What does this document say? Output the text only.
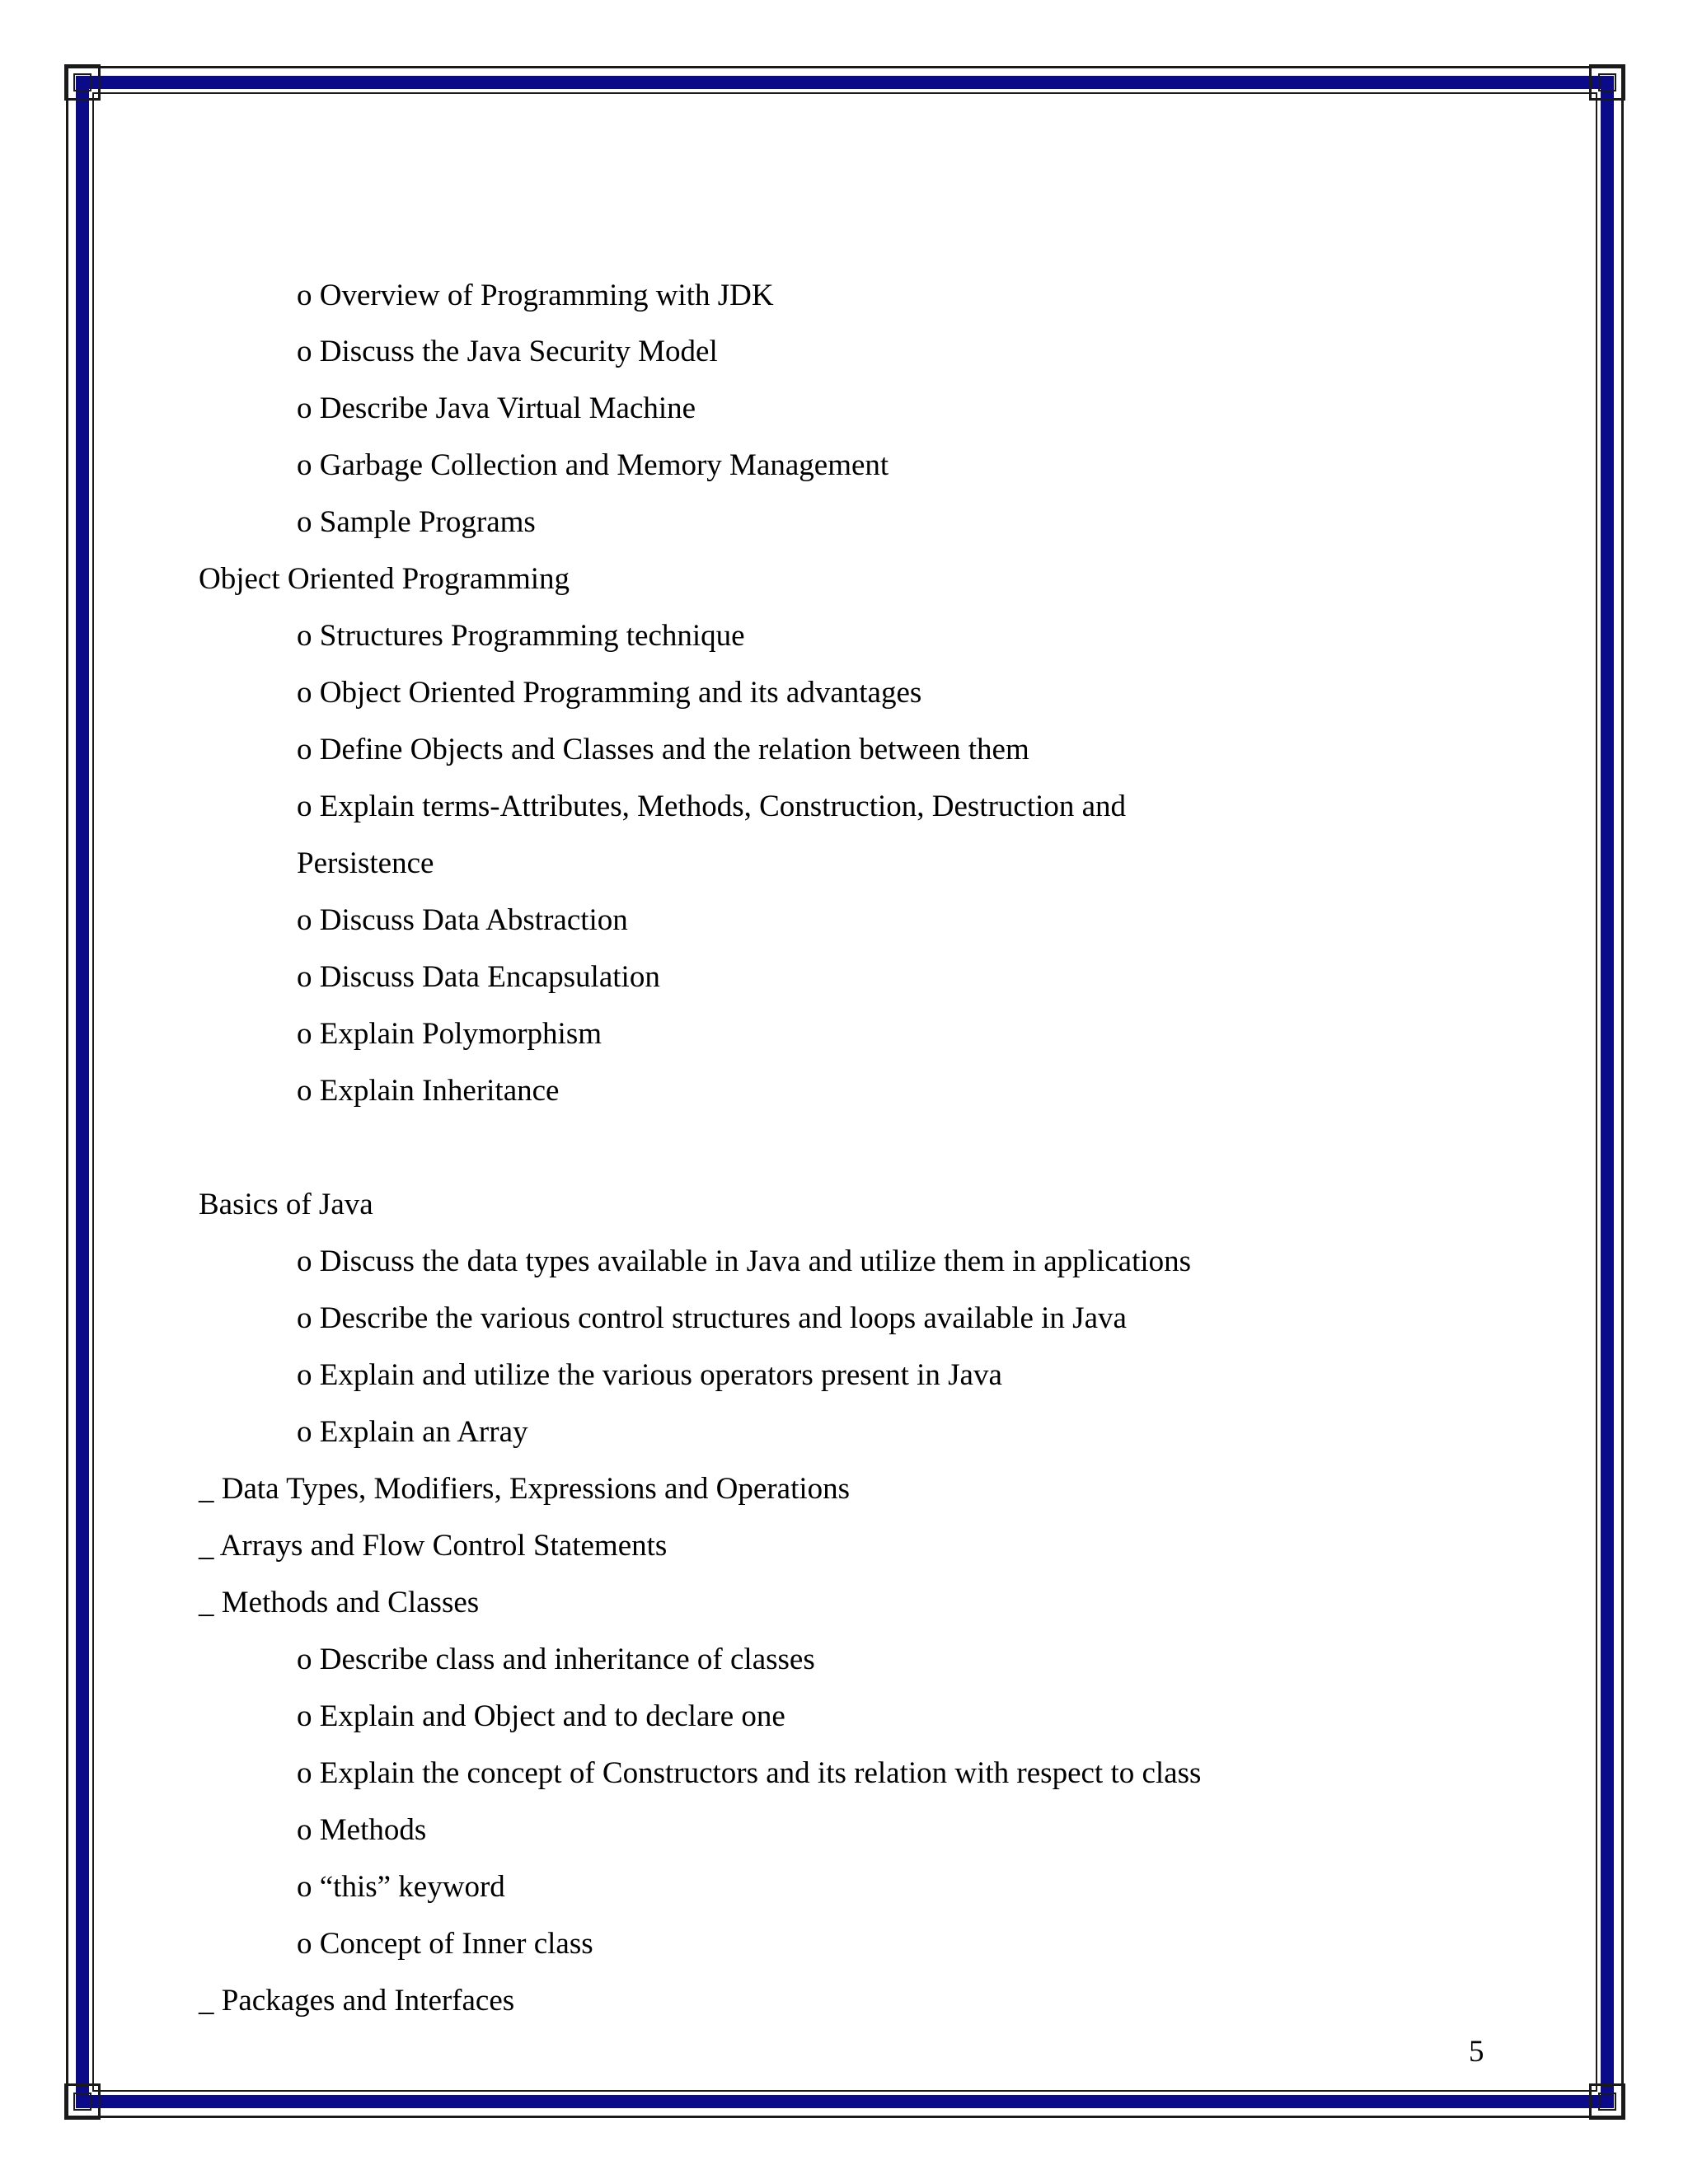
o Overview of Programming with JDK
o Discuss the Java Security Model
o Describe Java Virtual Machine
o Garbage Collection and Memory Management
o Sample Programs
Object Oriented Programming
o Structures Programming technique
o Object Oriented Programming and its advantages
o Define Objects and Classes and the relation between them
o Explain terms-Attributes, Methods, Construction, Destruction and
Persistence
o Discuss Data Abstraction
o Discuss Data Encapsulation
o Explain Polymorphism
o Explain Inheritance
Basics of Java
o Discuss the data types available in Java and utilize them in applications
o Describe the various control structures and loops available in Java
o Explain and utilize the various operators present in Java
o Explain an Array
_ Data Types, Modifiers, Expressions and Operations
_ Arrays and Flow Control Statements
_ Methods and Classes
o Describe class and inheritance of classes
o Explain and Object and to declare one
o Explain the concept of Constructors and its relation with respect to class
o Methods
o “this” keyword
o Concept of Inner class
_ Packages and Interfaces
5
